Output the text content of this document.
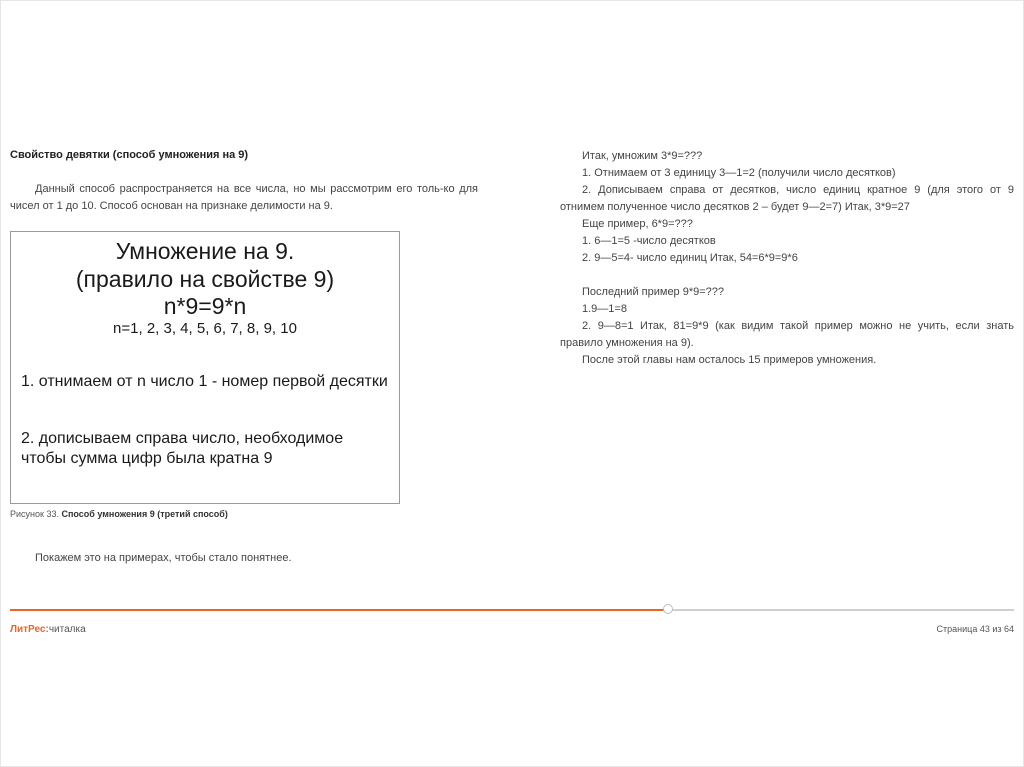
Свойство девятки (способ умножения на 9)
Данный способ распространяется на все числа, но мы рассмотрим его толь-ко для чисел от 1 до 10. Способ основан на признаке делимости на 9.
Умножение на 9.
(правило на свойстве 9)
n*9=9*n
n=1, 2, 3, 4, 5, 6, 7, 8, 9, 10
1. отнимаем от n число 1 - номер первой десятки
2. дописываем справа число, необходимое чтобы сумма цифр была кратна 9
Рисунок 33. Способ умножения 9 (третий способ)
Покажем это на примерах, чтобы стало понятнее.
Итак, умножим 3*9=???
1. Отнимаем от 3 единицу 3—1=2 (получили число десятков)
2. Дописываем справа от десятков, число единиц кратное 9 (для этого от 9 отнимем полученное число десятков 2 – будет 9—2=7) Итак, 3*9=27
Еще пример, 6*9=???
1. 6—1=5 -число десятков
2. 9—5=4- число единиц Итак, 54=6*9=9*6
Последний пример 9*9=???
1.9—1=8
2. 9—8=1 Итак, 81=9*9 (как видим такой пример можно не учить, если знать правило умножения на 9).
После этой главы нам осталось 15 примеров умножения.
ЛитРес:читалка	Страница 43 из 64
